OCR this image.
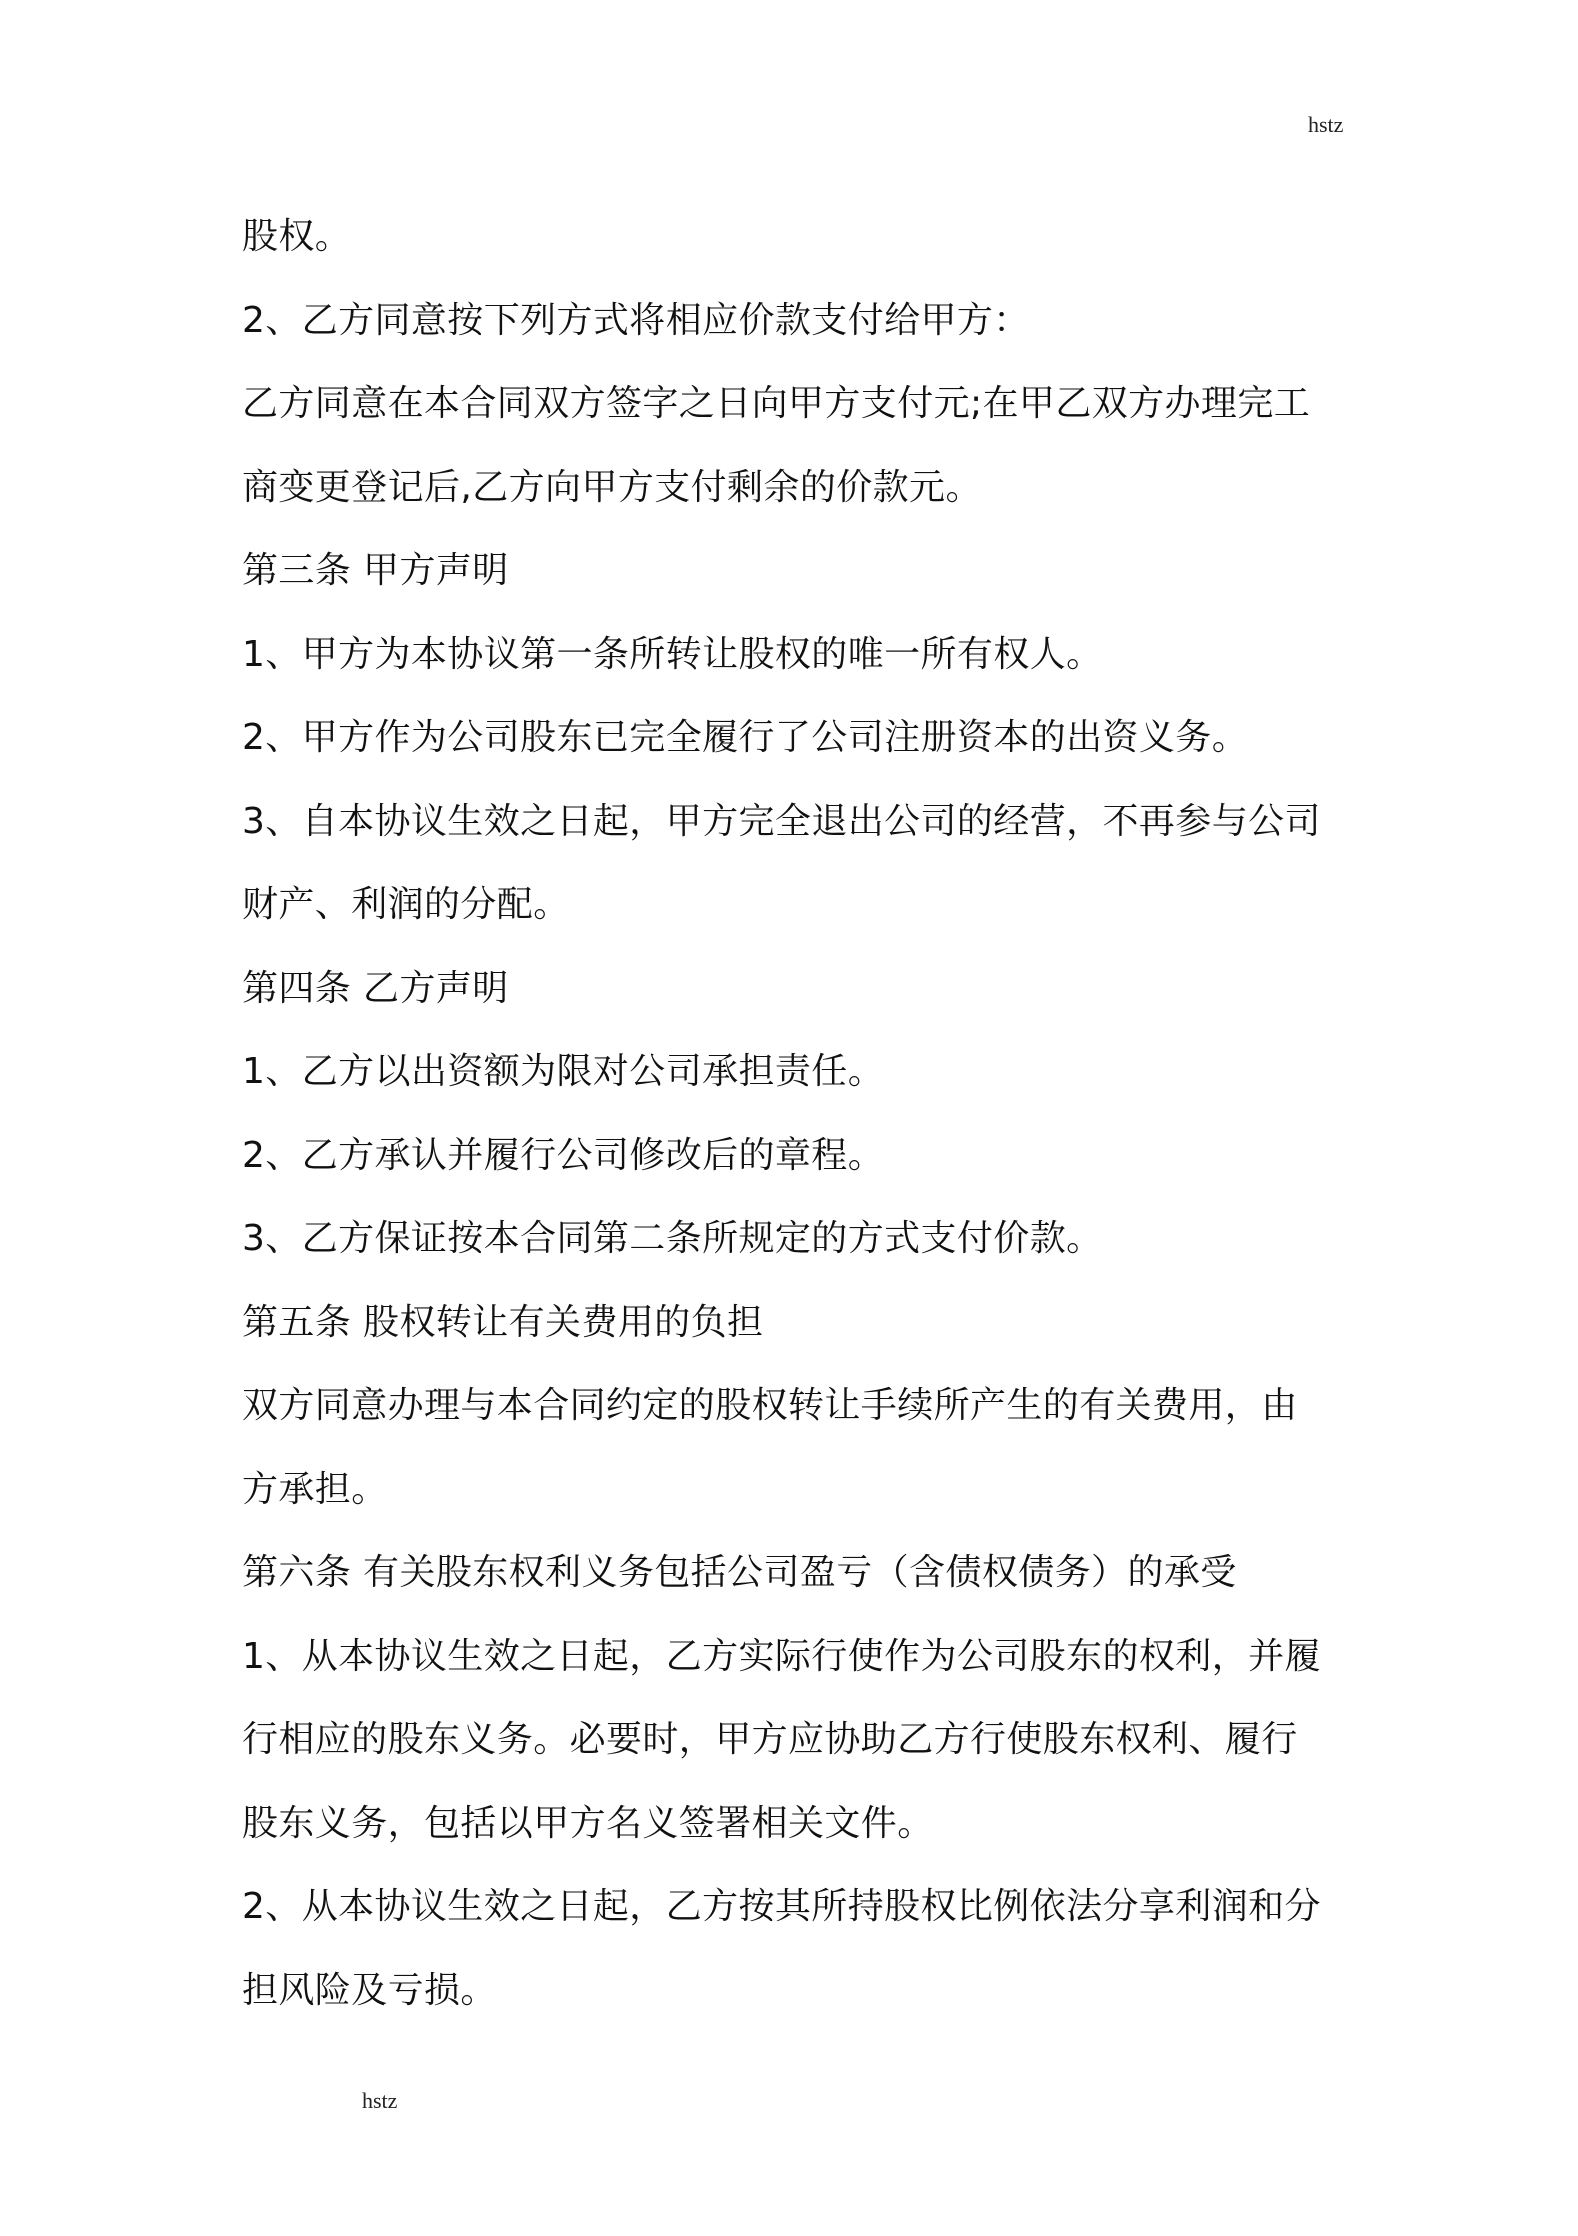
hstz
股权。
2、乙方同意按下列方式将相应价款支付给甲方：
乙方同意在本合同双方签字之日向甲方支付元;在甲乙双方办理完工
商变更登记后,乙方向甲方支付剩余的价款元。
第三条 甲方声明
1、甲方为本协议第一条所转让股权的唯一所有权人。
2、甲方作为公司股东已完全履行了公司注册资本的出资义务。
3、自本协议生效之日起，甲方完全退出公司的经营，不再参与公司
财产、利润的分配。
第四条 乙方声明
1、乙方以出资额为限对公司承担责任。
2、乙方承认并履行公司修改后的章程。
3、乙方保证按本合同第二条所规定的方式支付价款。
第五条 股权转让有关费用的负担
双方同意办理与本合同约定的股权转让手续所产生的有关费用，由
方承担。
第六条 有关股东权利义务包括公司盈亏（含债权债务）的承受
1、从本协议生效之日起，乙方实际行使作为公司股东的权利，并履
行相应的股东义务。必要时，甲方应协助乙方行使股东权利、履行
股东义务，包括以甲方名义签署相关文件。
2、从本协议生效之日起，乙方按其所持股权比例依法分享利润和分
担风险及亏损。
hstz
